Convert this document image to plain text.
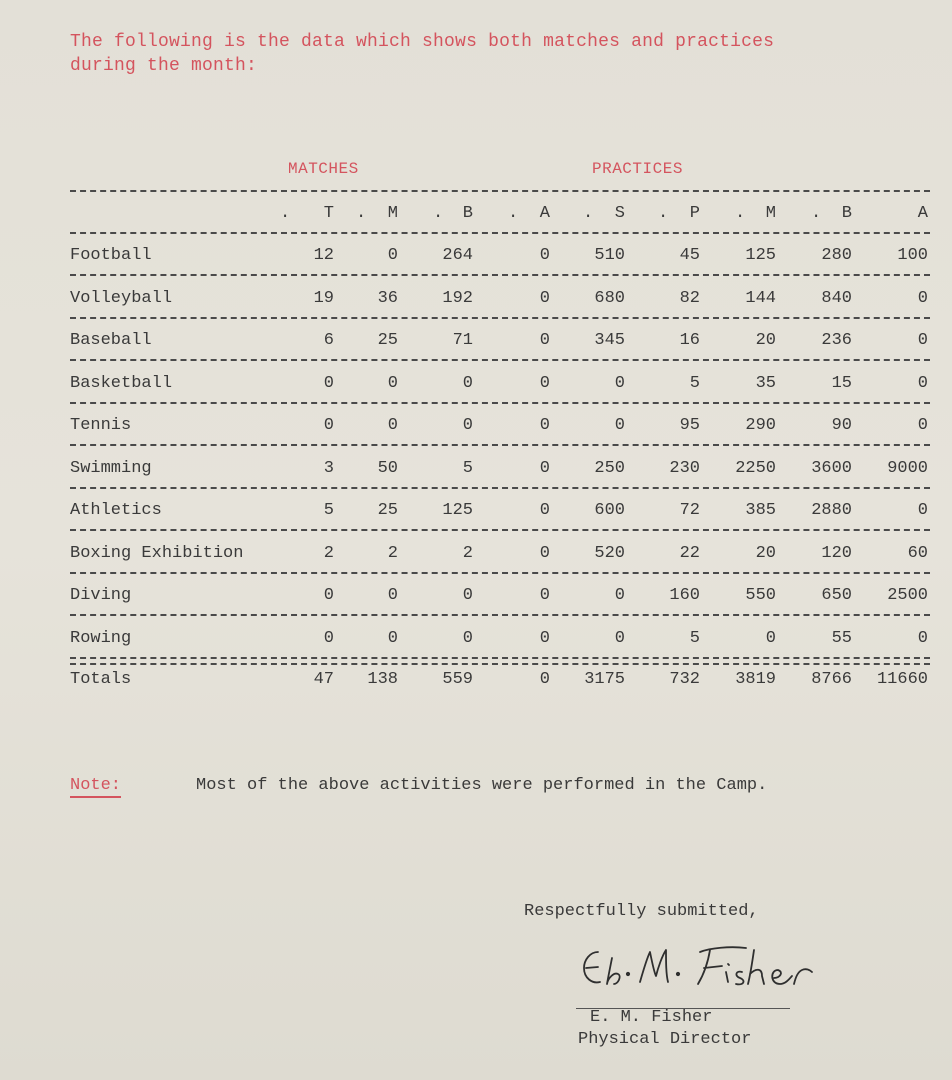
The following is the data which shows both matches and practices
during the month:
MATCHES	PRACTICES
T	M	B	A	S	P	M	B	A
.	.	.	.	.	.	.	.
Football	12	0	264	0	510	45	125	280	100
Volleyball	19	36	192	0	680	82	144	840	0
Baseball	6	25	71	0	345	16	20	236	0
Basketball	0	0	0	0	0	5	35	15	0
Tennis	0	0	0	0	0	95	290	90	0
Swimming	3	50	5	0	250	230	2250	3600	9000
Athletics	5	25	125	0	600	72	385	2880	0
Boxing Exhibition	2	2	2	0	520	22	20	120	60
Diving	0	0	0	0	0	160	550	650	2500
Rowing	0	0	0	0	0	5	0	55	0
Totals	47	138	559	0	3175	732	3819	8766	11660
Note:	Most of the above activities were performed in the Camp.
Respectfully submitted,
E. M. Fisher
Physical Director
